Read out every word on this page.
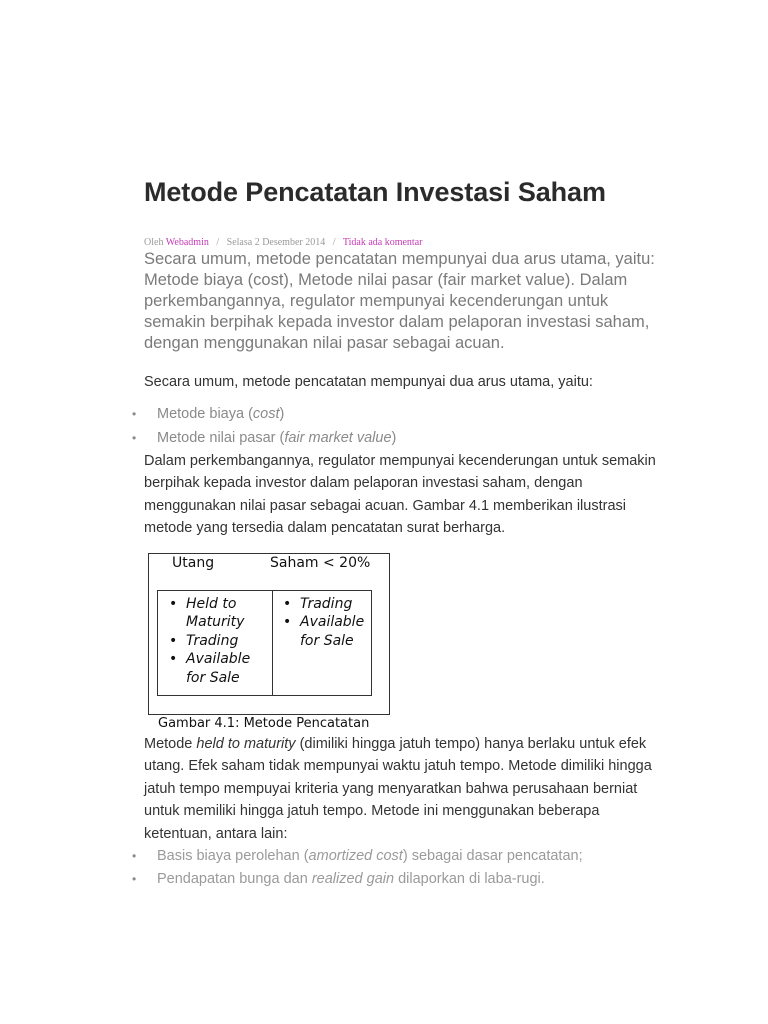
Metode Pencatatan Investasi Saham
Oleh Webadmin / Selasa 2 Desember 2014 / Tidak ada komentar

Secara umum, metode pencatatan mempunyai dua arus utama, yaitu: Metode biaya (cost), Metode nilai pasar (fair market value). Dalam perkembangannya, regulator mempunyai kecenderungan untuk semakin berpihak kepada investor dalam pelaporan investasi saham, dengan menggunakan nilai pasar sebagai acuan.

Secara umum, metode pencatatan mempunyai dua arus utama, yaitu:

• Metode biaya (cost)
• Metode nilai pasar (fair market value)

Dalam perkembangannya, regulator mempunyai kecenderungan untuk semakin berpihak kepada investor dalam pelaporan investasi saham, dengan menggunakan nilai pasar sebagai acuan. Gambar 4.1 memberikan ilustrasi metode yang tersedia dalam pencatatan surat berharga.

Utang	Saham < 20%
• Held to
Maturity
• Trading
• Available
for Sale
• Trading
• Available
for Sale
Gambar 4.1: Metode Pencatatan

Metode held to maturity (dimiliki hingga jatuh tempo) hanya berlaku untuk efek utang. Efek saham tidak mempunyai waktu jatuh tempo. Metode dimiliki hingga jatuh tempo mempuyai kriteria yang menyaratkan bahwa perusahaan berniat untuk memiliki hingga jatuh tempo. Metode ini menggunakan beberapa ketentuan, antara lain:

• Basis biaya perolehan (amortized cost) sebagai dasar pencatatan;
• Pendapatan bunga dan realized gain dilaporkan di laba-rugi.
